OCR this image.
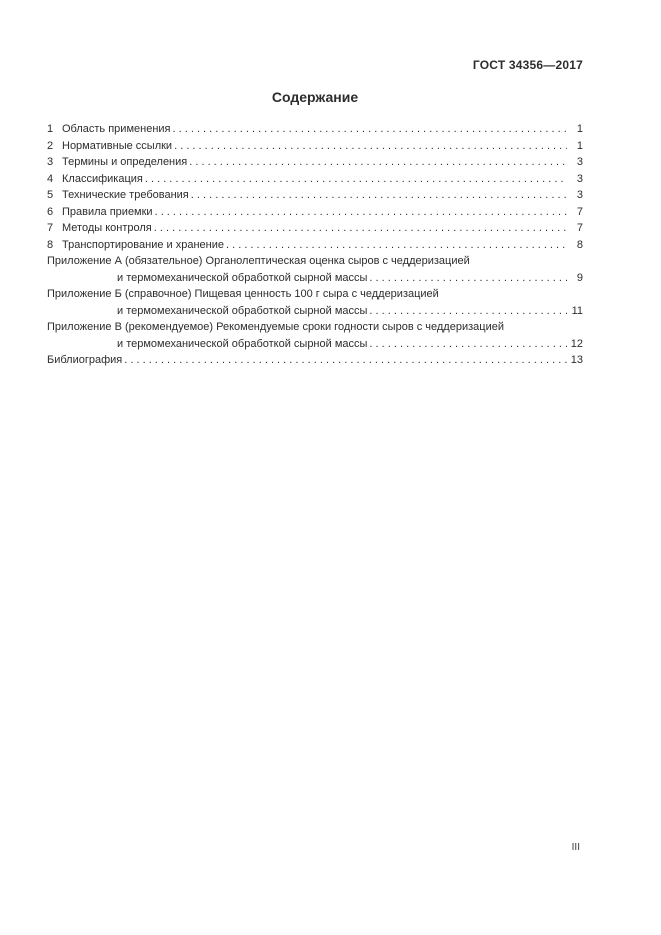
ГОСТ 34356—2017
Содержание
1 Область применения . . .	1
2 Нормативные ссылки . . .	1
3 Термины и определения . . .	3
4 Классификация . . .	3
5 Технические требования . . .	3
6 Правила приемки . . .	7
7 Методы контроля . . .	7
8 Транспортирование и хранение . . .	8
Приложение А (обязательное) Органолептическая оценка сыров с чеддеризацией
и термомеханической обработкой сырной массы . . .	9
Приложение Б (справочное) Пищевая ценность 100 г сыра с чеддеризацией
и термомеханической обработкой сырной массы . . .	11
Приложение В (рекомендуемое) Рекомендуемые сроки годности сыров с чеддеризацией
и термомеханической обработкой сырной массы . . .	12
Библиография . . .	13
III
